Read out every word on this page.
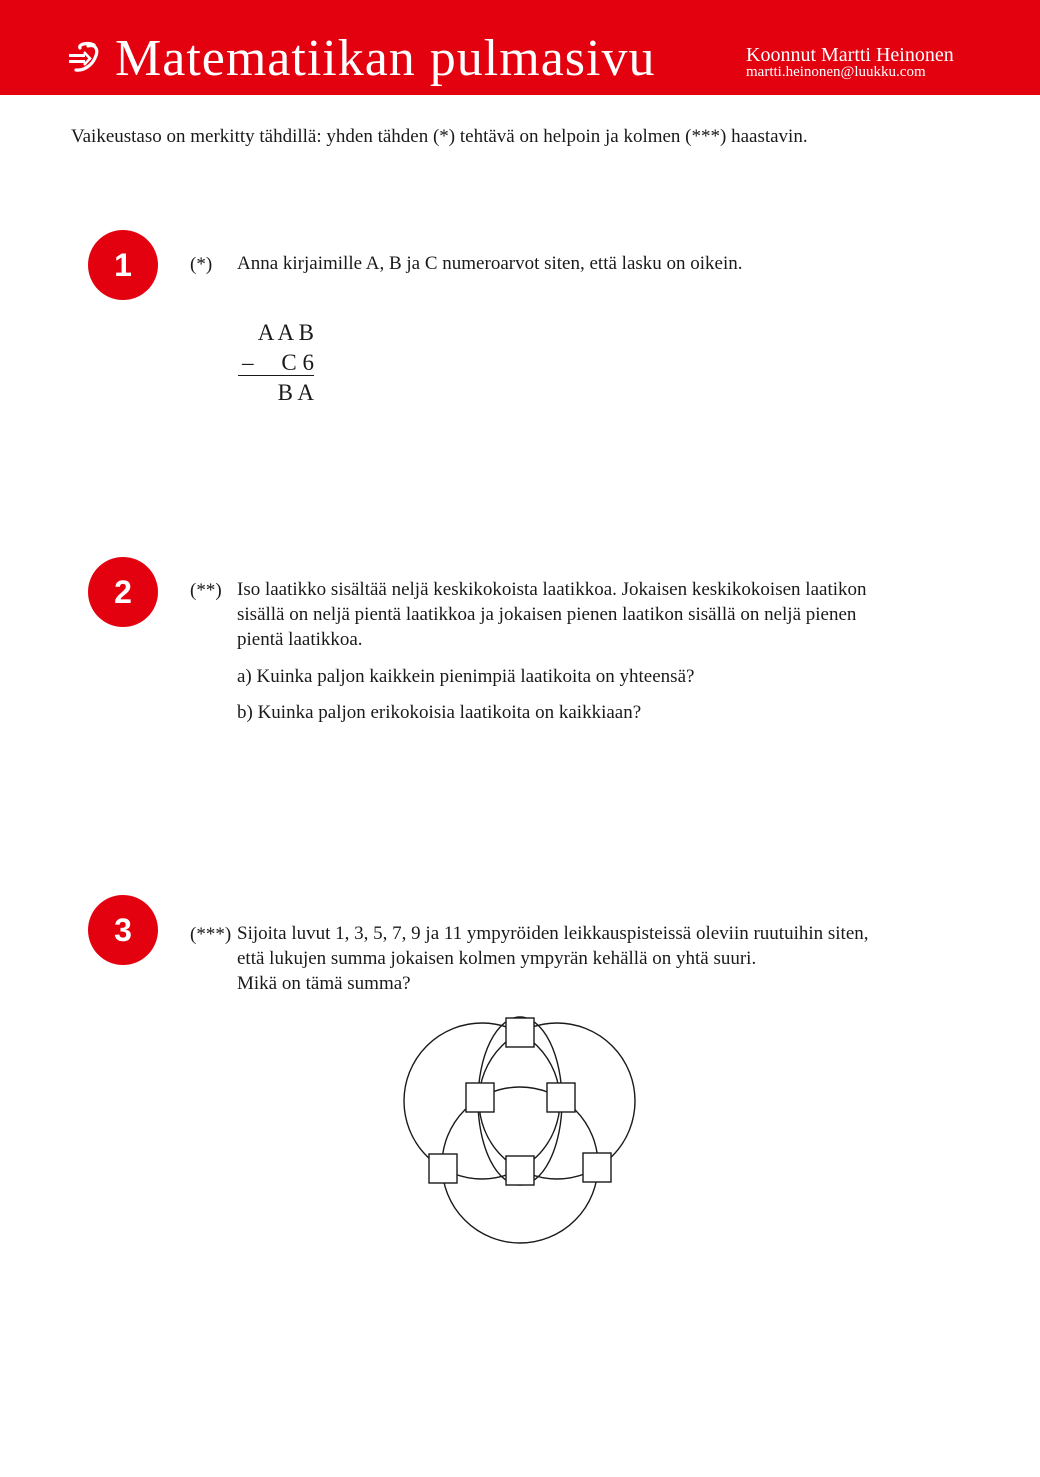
Matematiikan pulmasivu	Koonnut Martti Heinonen
martti.heinonen@luukku.com
Vaikeustaso on merkitty tähdillä: yhden tähden (*) tehtävä on helpoin ja kolmen (***) haastavin.
1	(*) Anna kirjaimille A, B ja C numeroarvot siten, että lasku on oikein.
A A B
– C 6
B A
2	(**) Iso laatikko sisältää neljä keskikokoista laatikkoa. Jokaisen keskikokoisen laatikon
sisällä on neljä pientä laatikkoa ja jokaisen pienen laatikon sisällä on neljä pienen
pientä laatikkoa.
a) Kuinka paljon kaikkein pienimpiä laatikoita on yhteensä?
b) Kuinka paljon erikokoisia laatikoita on kaikkiaan?
3	(***) Sijoita luvut 1, 3, 5, 7, 9 ja 11 ympyröiden leikkauspisteissä oleviin ruutuihin siten,
että lukujen summa jokaisen kolmen ympyrän kehällä on yhtä suuri.
Mikä on tämä summa?
